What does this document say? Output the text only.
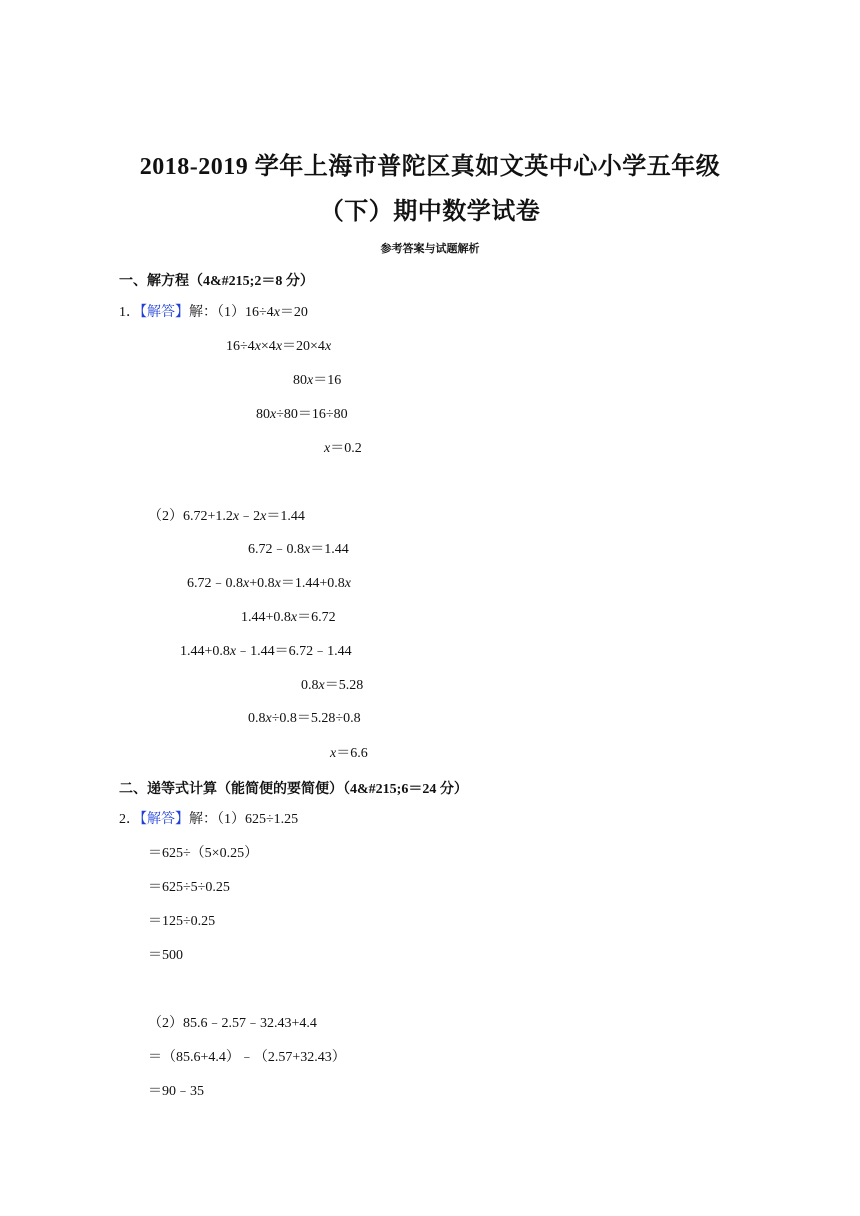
2018-2019 学年上海市普陀区真如文英中心小学五年级
（下）期中数学试卷
参考答案与试题解析
一、解方程（4&#215;2＝8 分）
1．【解答】解：（1）16÷4x＝20
16÷4x×4x＝20×4x
80x＝16
80x÷80＝16÷80
x＝0.2
（2）6.72+1.2x﹣2x＝1.44
6.72﹣0.8x＝1.44
6.72﹣0.8x+0.8x＝1.44+0.8x
1.44+0.8x＝6.72
1.44+0.8x﹣1.44＝6.72﹣1.44
0.8x＝5.28
0.8x÷0.8＝5.28÷0.8
x＝6.6
二、递等式计算（能简便的要简便）（4&#215;6＝24 分）
2．【解答】解：（1）625÷1.25
＝625÷（5×0.25）
＝625÷5÷0.25
＝125÷0.25
＝500
（2）85.6﹣2.57﹣32.43+4.4
＝（85.6+4.4）﹣（2.57+32.43）
＝90﹣35
